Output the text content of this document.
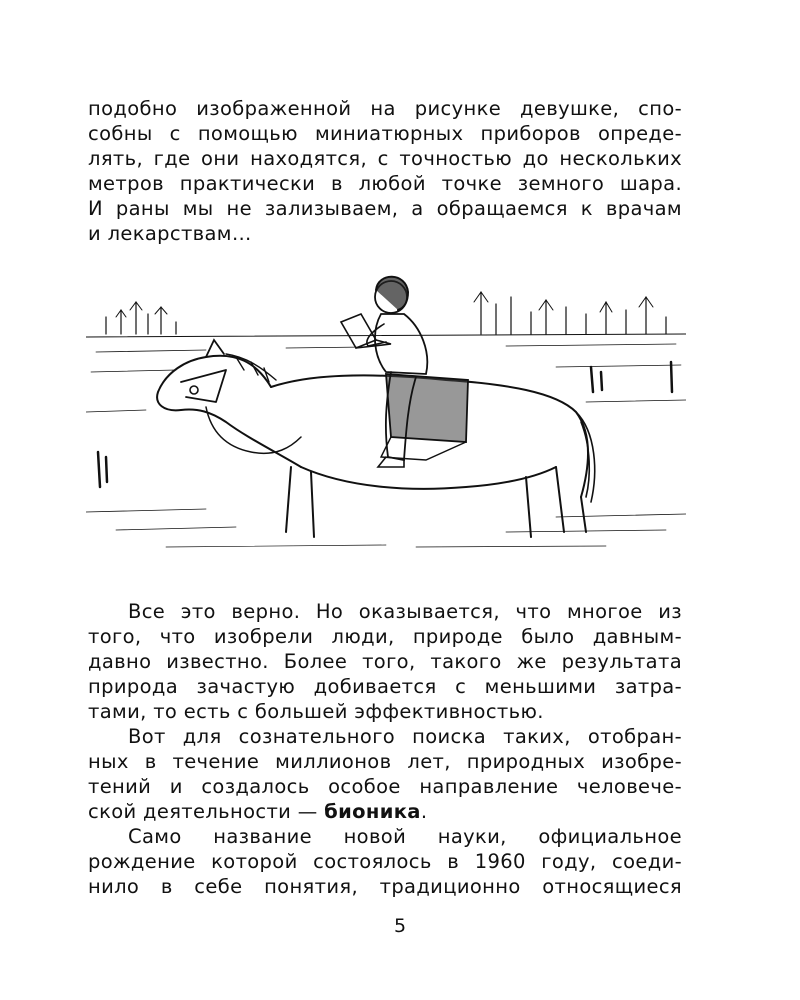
подобно изображенной на рисунке девушке, спо-
собны с помощью миниатюрных приборов опреде-
лять, где они находятся, с точностью до нескольких
метров практически в любой точке земного шара.
И раны мы не зализываем, а обращаемся к врачам
и лекарствам…
Все это верно. Но оказывается, что многое из
того, что изобрели люди, природе было давным-
давно известно. Более того, такого же результата
природа зачастую добивается с меньшими затра-
тами, то есть с большей эффективностью.
Вот для сознательного поиска таких, отобран-
ных в течение миллионов лет, природных изобре-
тений и создалось особое направление человече-
ской деятельности — бионика.
Само название новой науки, официальное
рождение которой состоялось в 1960 году, соеди-
нило в себе понятия, традиционно относящиеся
5
